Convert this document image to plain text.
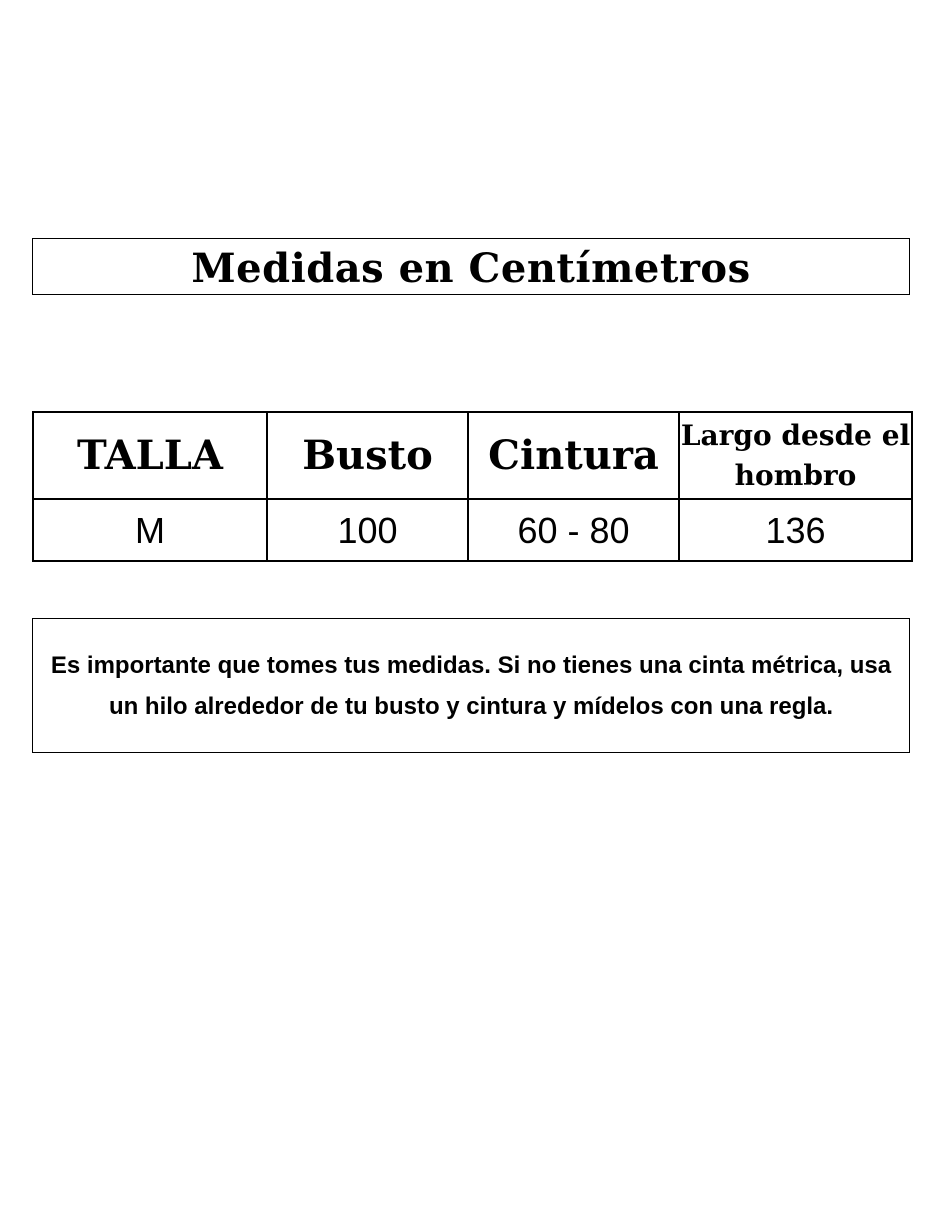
Medidas en Centímetros
TALLA	Busto	Cintura	Largo desde el hombro
M	100	60 - 80	136
Es importante que tomes tus medidas. Si no tienes una cinta métrica, usa un hilo alrededor de tu busto y cintura y mídelos con una regla.
